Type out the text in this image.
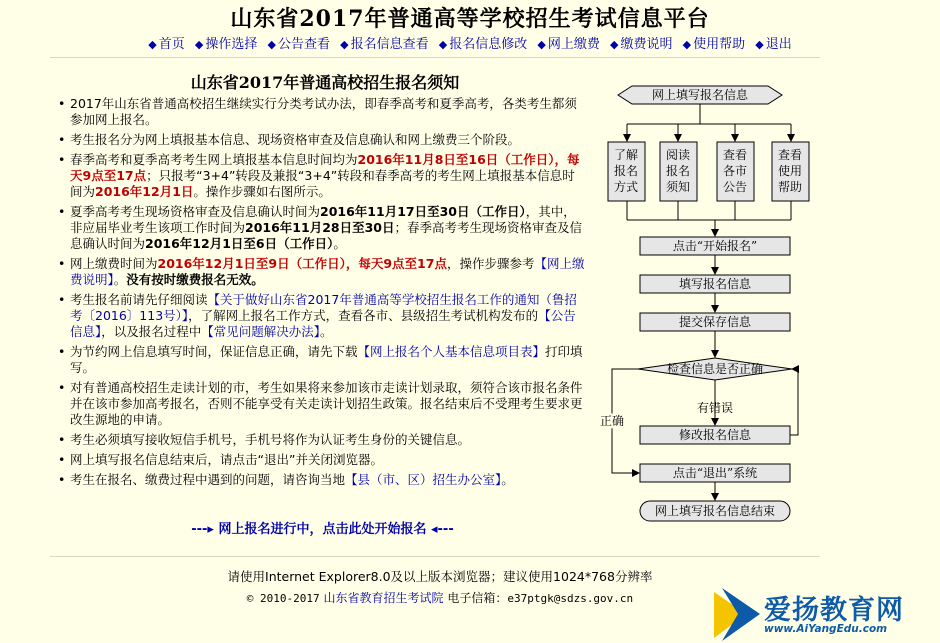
山东省2017年普通高等学校招生考试信息平台
◆ 首页 ◆ 操作选择 ◆ 公告查看 ◆ 报名信息查看 ◆ 报名信息修改 ◆ 网上缴费 ◆ 缴费说明 ◆ 使用帮助 ◆ 退出
山东省2017年普通高校招生报名须知
• 2017年山东省普通高校招生继续实行分类考试办法，即春季高考和夏季高考，各类考生都须参加网上报名。
• 考生报名分为网上填报基本信息、现场资格审查及信息确认和网上缴费三个阶段。
• 春季高考和夏季高考考生网上填报基本信息时间均为2016年11月8日至16日（工作日），每天9点至17点；只报考“3+4”转段及兼报“3+4”转段和春季高考的考生网上填报基本信息时间为2016年12月1日。操作步骤如右图所示。
• 夏季高考考生现场资格审查及信息确认时间为2016年11月17日至30日（工作日），其中，非应届毕业考生该项工作时间为2016年11月28日至30日；春季高考考生现场资格审查及信息确认时间为2016年12月1日至6日（工作日）。
• 网上缴费时间为2016年12月1日至9日（工作日），每天9点至17点，操作步骤参考【网上缴费说明】。没有按时缴费报名无效。
• 考生报名前请先仔细阅读【关于做好山东省2017年普通高等学校招生报名工作的通知（鲁招考〔2016〕113号）】，了解网上报名工作方式，查看各市、县级招生考试机构发布的【公告信息】，以及报名过程中【常见问题解决办法】。
• 为节约网上信息填写时间，保证信息正确，请先下载【网上报名个人基本信息项目表】打印填写。
• 对有普通高校招生走读计划的市，考生如果将来参加该市走读计划录取，须符合该市报名条件并在该市参加高考报名，否则不能享受有关走读计划招生政策。报名结束后不受理考生要求更改生源地的申请。
• 考生必须填写接收短信手机号，手机号将作为认证考生身份的关键信息。
• 网上填写报名信息结束后，请点击“退出”并关闭浏览器。
• 考生在报名、缴费过程中遇到的问题，请咨询当地【县（市、区）招生办公室】。
---▸ 网上报名进行中，点击此处开始报名 ◂---
网上填写报名信息
了解报名方式
阅读报名须知
查看各市公告
查看使用帮助
点击“开始报名”
填写报名信息
提交保存信息
检查信息是否正确
有错误
正确
修改报名信息
点击“退出”系统
网上填写报名信息结束
请使用Internet Explorer8.0及以上版本浏览器；建议使用1024*768分辨率
© 2010-2017 山东省教育招生考试院 电子信箱：e37ptgk@sdzs.gov.cn	爱扬教育网
www.AiYangEdu.com
